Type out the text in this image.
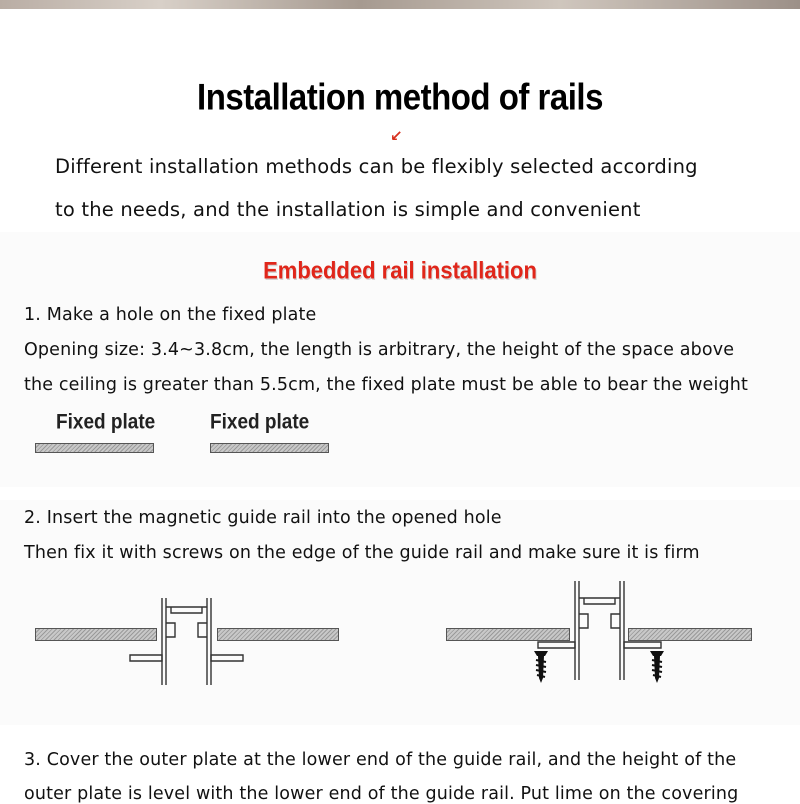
Installation method of rails
↙
Different installation methods can be flexibly selected according
to the needs, and the installation is simple and convenient
Embedded rail installation
1. Make a hole on the fixed plate
Opening size: 3.4~3.8cm, the length is arbitrary, the height of the space above
the ceiling is greater than 5.5cm, the fixed plate must be able to bear the weight
Fixed plate	Fixed plate
2. Insert the magnetic guide rail into the opened hole
Then fix it with screws on the edge of the guide rail and make sure it is firm
3. Cover the outer plate at the lower end of the guide rail, and the height of the
outer plate is level with the lower end of the guide rail. Put lime on the covering
